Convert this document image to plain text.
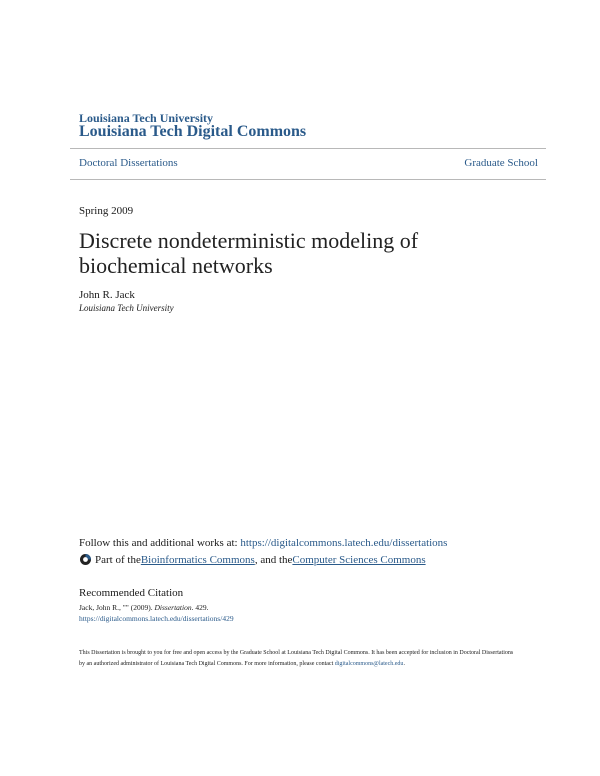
Louisiana Tech University
Louisiana Tech Digital Commons
Doctoral Dissertations	Graduate School
Spring 2009
Discrete nondeterministic modeling of
biochemical networks
John R. Jack
Louisiana Tech University
Follow this and additional works at: https://digitalcommons.latech.edu/dissertations
Part of the Bioinformatics Commons , and the Computer Sciences Commons
Recommended Citation
Jack, John R., "" (2009). Dissertation. 429.
https://digitalcommons.latech.edu/dissertations/429
This Dissertation is brought to you for free and open access by the Graduate School at Louisiana Tech Digital Commons. It has been accepted for inclusion in Doctoral Dissertations by an authorized administrator of Louisiana Tech Digital Commons. For more information, please contact digitalcommons@latech.edu.
